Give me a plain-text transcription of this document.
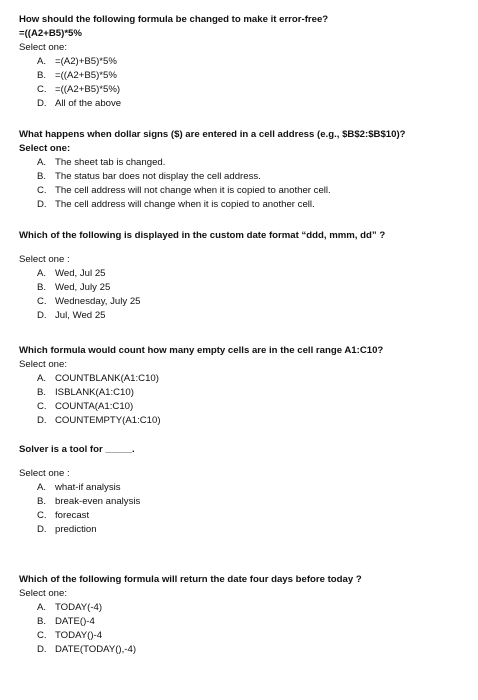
How should the following formula be changed to make it error-free?
=((A2+B5)*5%
Select one:
A. =(A2)+B5)*5%
B. =((A2+B5)*5%
C. =((A2+B5)*5%)
D. All of the above
What happens when dollar signs ($) are entered in a cell address (e.g., $B$2:$B$10)?
Select one:
A. The sheet tab is changed.
B. The status bar does not display the cell address.
C. The cell address will not change when it is copied to another cell.
D. The cell address will change when it is copied to another cell.
Which of the following is displayed in the custom date format “ddd, mmm, dd” ?
Select one :
A. Wed, Jul 25
B. Wed, July 25
C. Wednesday, July 25
D. Jul, Wed 25
Which formula would count how many empty cells are in the cell range A1:C10?
Select one:
A. COUNTBLANK(A1:C10)
B. ISBLANK(A1:C10)
C. COUNTA(A1:C10)
D. COUNTEMPTY(A1:C10)
Solver is a tool for _____.
Select one :
A. what-if analysis
B. break-even analysis
C. forecast
D. prediction
Which of the following formula will return the date four days before today ?
Select one:
A. TODAY(-4)
B. DATE()-4
C. TODAY()-4
D. DATE(TODAY(),-4)
